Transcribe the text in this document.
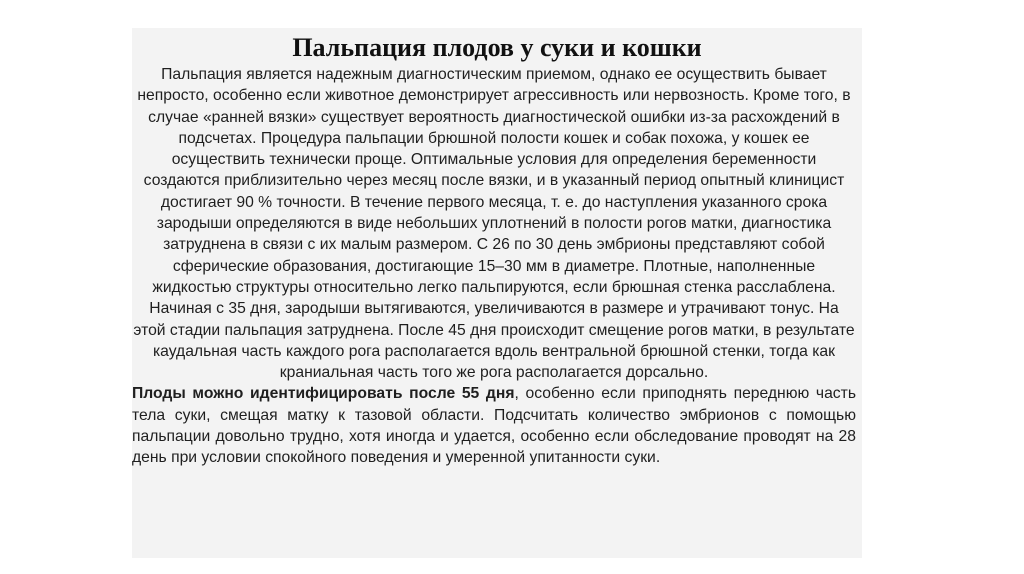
Пальпация плодов у суки и кошки

Пальпация является надежным диагностическим приемом, однако ее осуществить бывает непросто, особенно если животное демонстрирует агрессивность или нервозность. Кроме того, в случае «ранней вязки» существует вероятность диагностической ошибки из-за расхождений в подсчетах. Процедура пальпации брюшной полости кошек и собак похожа, у кошек ее осуществить технически проще. Оптимальные условия для определения беременности создаются приблизительно через месяц после вязки, и в указанный период опытный клиницист достигает 90 % точности. В течение первого месяца, т. е. до наступления указанного срока зародыши определяются в виде небольших уплотнений в полости рогов матки, диагностика затруднена в связи с их малым размером. С 26 по 30 день эмбрионы представляют собой сферические образования, достигающие 15–30 мм в диаметре. Плотные, наполненные жидкостью структуры относительно легко пальпируются, если брюшная стенка расслаблена. Начиная с 35 дня, зародыши вытягиваются, увеличиваются в размере и утрачивают тонус. На этой стадии пальпация затруднена. После 45 дня происходит смещение рогов матки, в результате каудальная часть каждого рога располагается вдоль вентральной брюшной стенки, тогда как краниальная часть того же рога располагается дорсально.

Плоды можно идентифицировать после 55 дня, особенно если приподнять переднюю часть тела суки, смещая матку к тазовой области. Подсчитать количество эмбрионов с помощью пальпации довольно трудно, хотя иногда и удается, особенно если обследование проводят на 28 день при условии спокойного поведения и умеренной упитанности суки.
